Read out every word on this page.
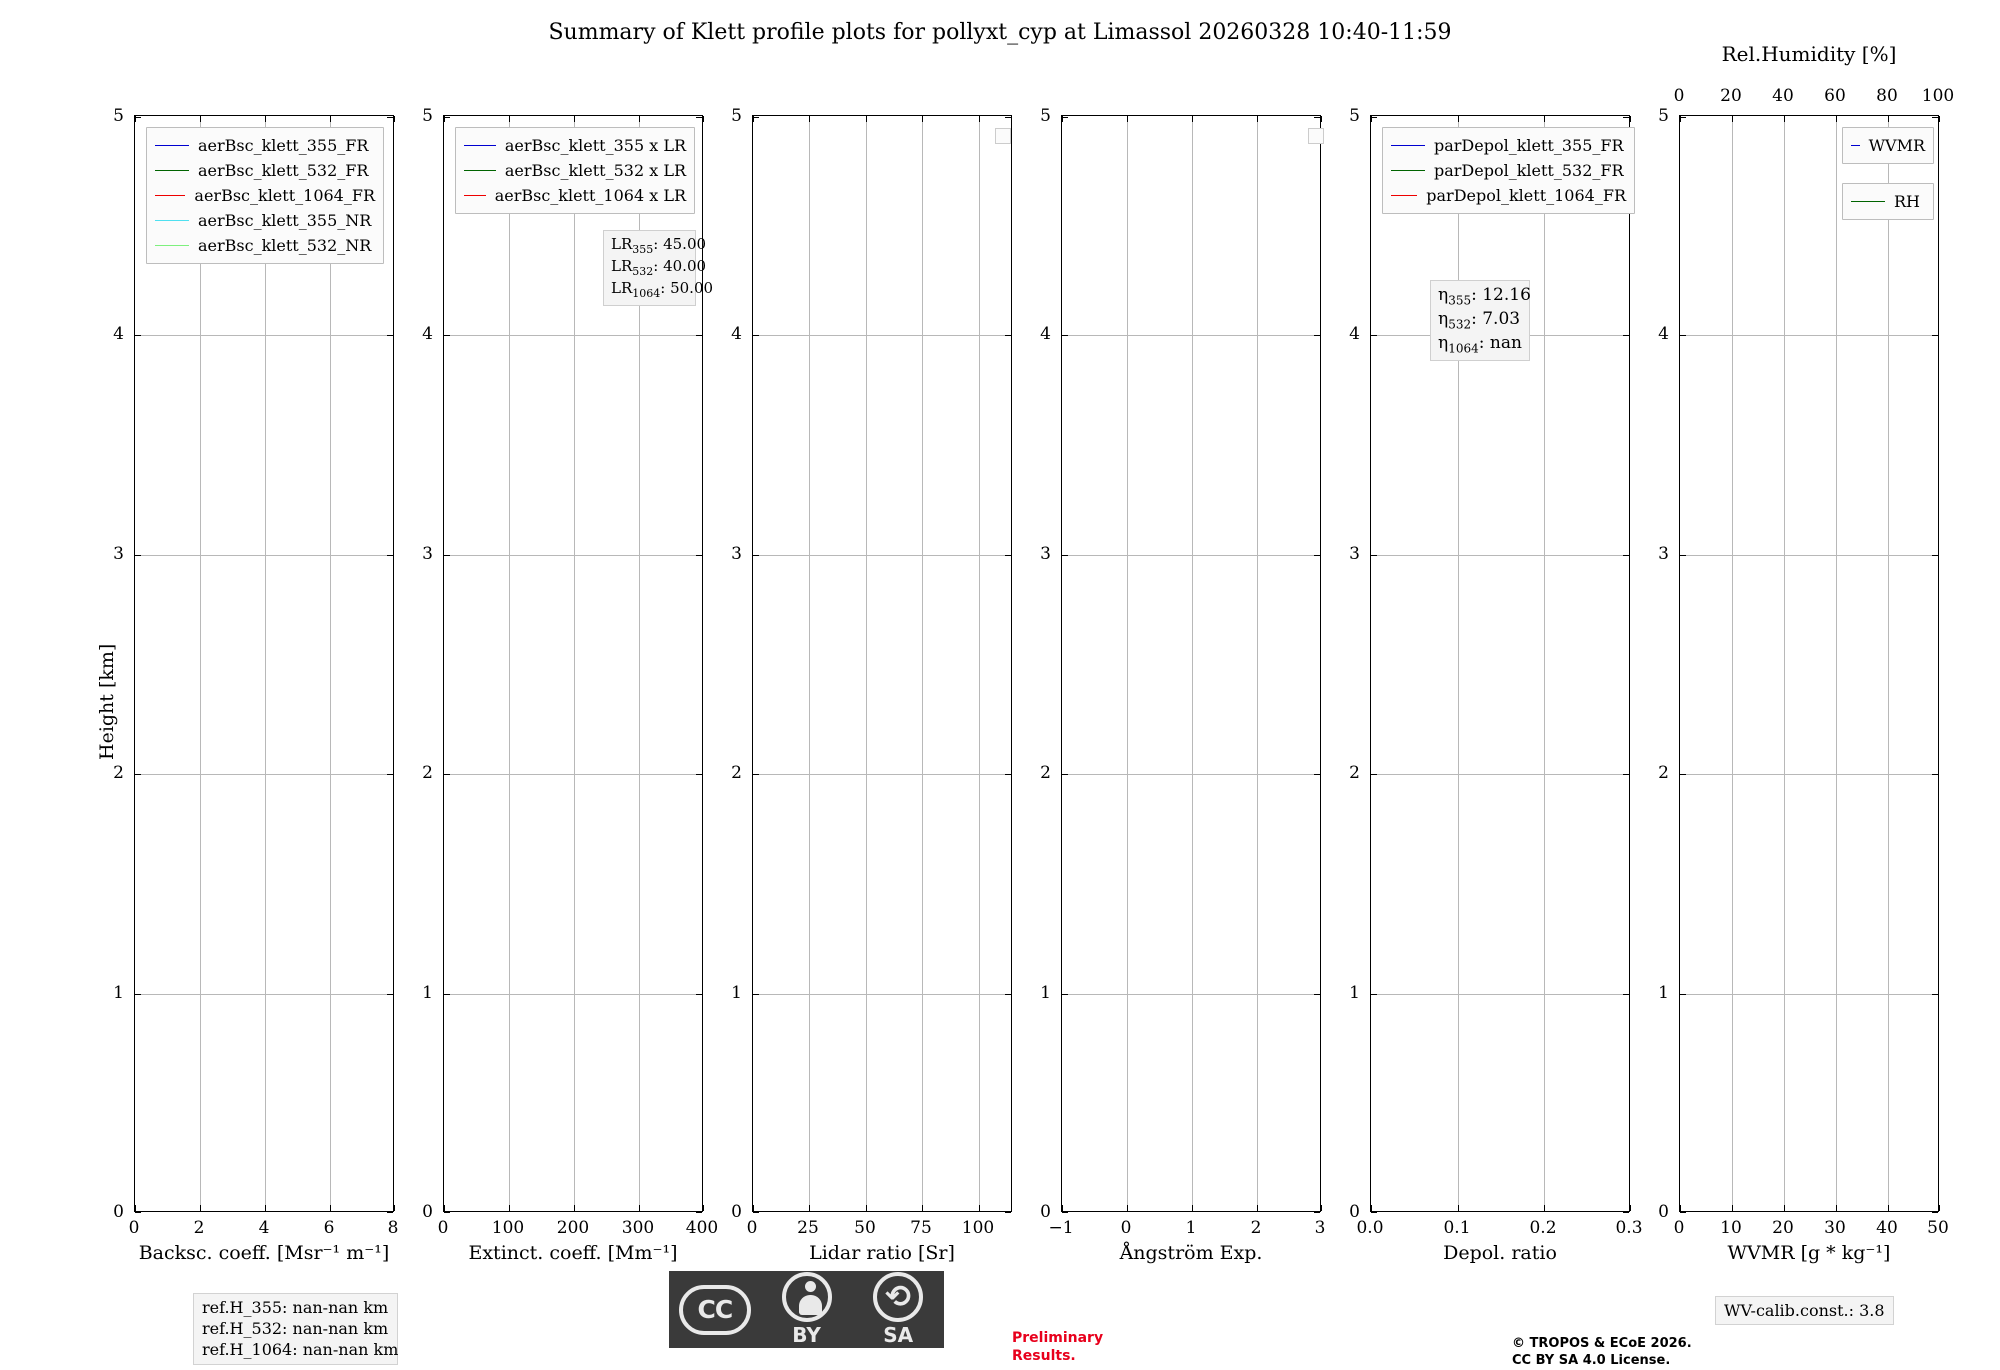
Summary of Klett profile plots for pollyxt_cyp at Limassol 20260328 10:40-11:59
Height [km]
0
1
2
3
4
5
0	2	4	6	8
Backsc. coeff. [Msr⁻¹ m⁻¹]
aerBsc_klett_355_FR
aerBsc_klett_532_FR
aerBsc_klett_1064_FR
aerBsc_klett_355_NR
aerBsc_klett_532_NR
0
1
2
3
4
5
0	100 200 300 400
Extinct. coeff. [Mm⁻¹]
aerBsc_klett_355 x LR
aerBsc_klett_532 x LR
aerBsc_klett_1064 x LR
$LR_{355}$: 45.00
$LR_{532}$: 40.00
$LR_{1064}$: 50.00
0
1
2
3
4
5
0 25 50 75 100
Lidar ratio [Sr]
0
1
2
3
4
5
−1	0	1	2	3
Ångström Exp.
0
1
2
3
4
5
0.0	0.1	0.2	0.3
Depol. ratio
parDepol_klett_355_FR
parDepol_klett_532_FR
parDepol_klett_1064_FR
$\eta_{355}$: 12.16
$\eta_{532}$: 7.03
$\eta_{1064}$: nan
0
1
2
3
4
5
0 10 20 30 40 50
WVMR [g * kg⁻¹]
0 20 40 60 80 100
Rel.Humidity [%]
WVMR
RH
ref.H_355: nan-nan km
ref.H_532: nan-nan km
ref.H_1064: nan-nan km
WV-calib.const.: 3.8
Preliminary
Results.
© TROPOS & ECoE 2026.
CC BY SA 4.0 License.
CC
BY
⟲
SA
